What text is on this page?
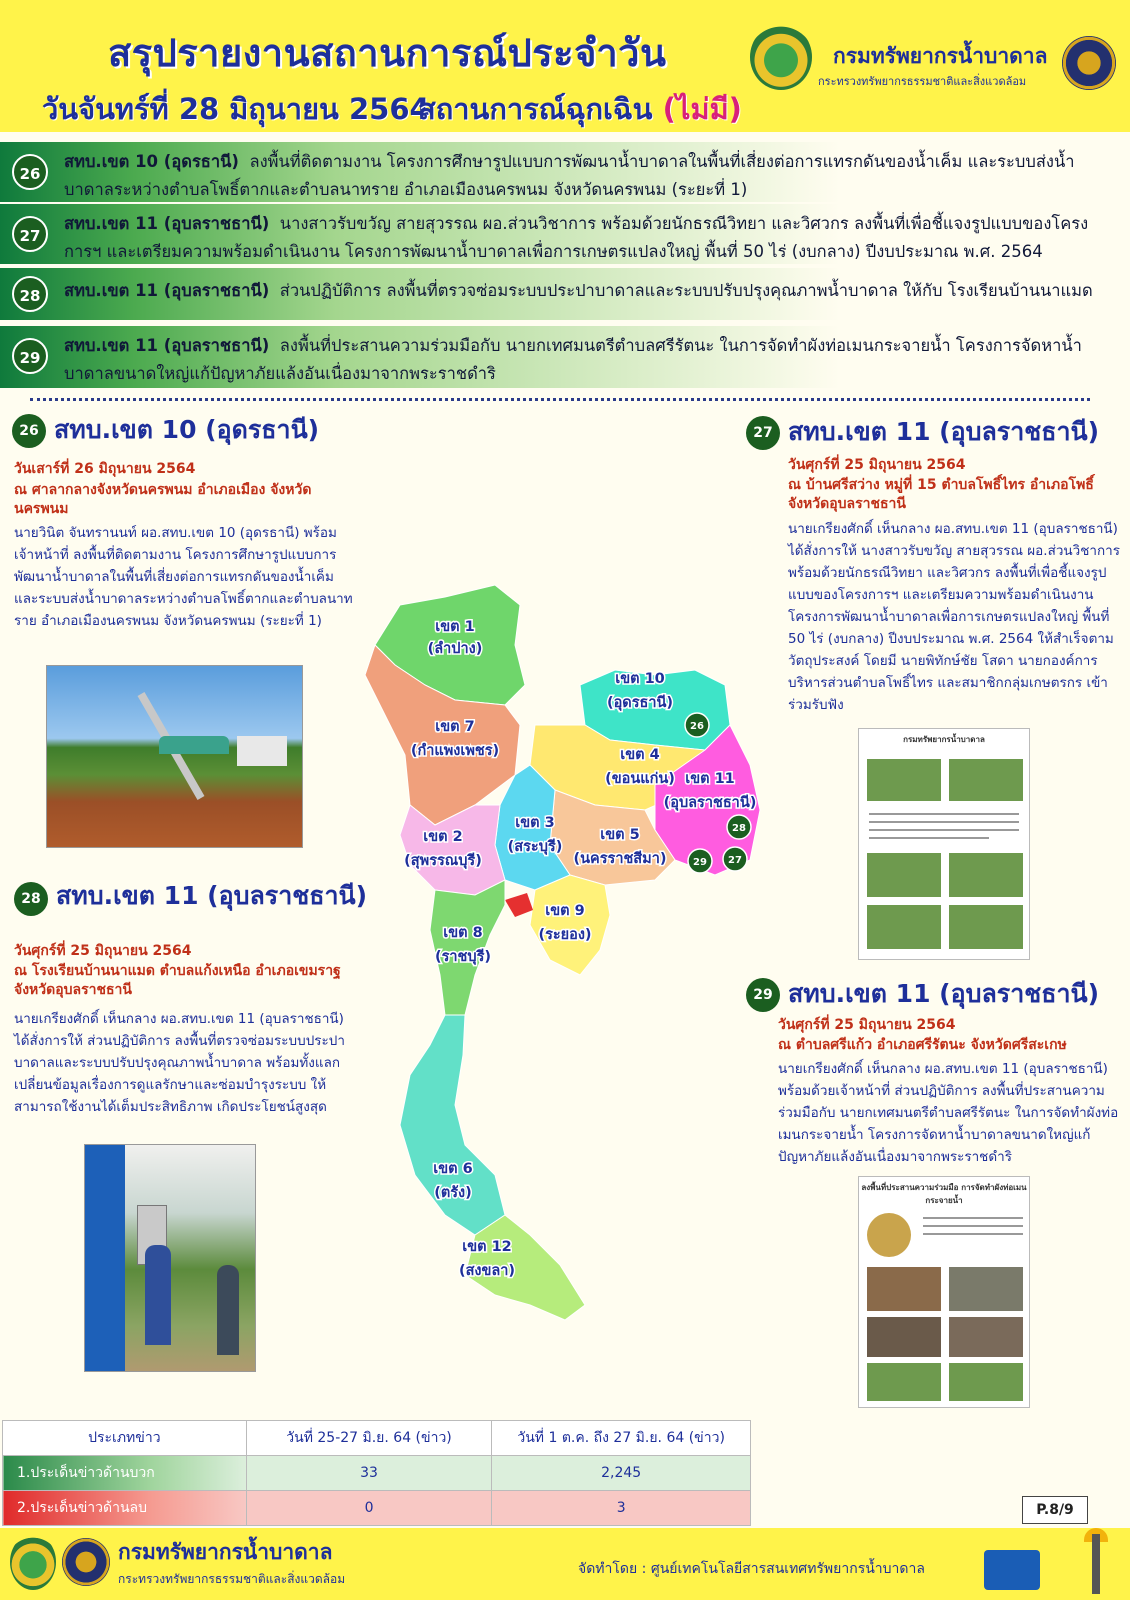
สรุปรายงานสถานการณ์ประจำวัน
วันจันทร์ที่ 28 มิถุนายน 2564
สถานการณ์ฉุกเฉิน (ไม่มี)
กรมทรัพยากรน้ำบาดาล
กระทรวงทรัพยากรธรรมชาติและสิ่งแวดล้อม
26
สทบ.เขต 10 (อุดรธานี) ลงพื้นที่ติดตามงาน โครงการศึกษารูปแบบการพัฒนาน้ำบาดาลในพื้นที่เสี่ยงต่อการแทรกดันของน้ำเค็ม และระบบส่งน้ำบาดาลระหว่างตำบลโพธิ์ตากและตำบลนาทราย อำเภอเมืองนครพนม จังหวัดนครพนม (ระยะที่ 1)
27
สทบ.เขต 11 (อุบลราชธานี) นางสาวรับขวัญ สายสุวรรณ ผอ.ส่วนวิชาการ พร้อมด้วยนักธรณีวิทยา และวิศวกร ลงพื้นที่เพื่อชี้แจงรูปแบบของโครงการฯ และเตรียมความพร้อมดำเนินงาน โครงการพัฒนาน้ำบาดาลเพื่อการเกษตรแปลงใหญ่ พื้นที่ 50 ไร่ (งบกลาง) ปีงบประมาณ พ.ศ. 2564
28	สทบ.เขต 11 (อุบลราชธานี) ส่วนปฏิบัติการ ลงพื้นที่ตรวจซ่อมระบบประปาบาดาลและระบบปรับปรุงคุณภาพน้ำบาดาล ให้กับ โรงเรียนบ้านนาแมด
29
สทบ.เขต 11 (อุบลราชธานี) ลงพื้นที่ประสานความร่วมมือกับ นายกเทศมนตรีตำบลศรีรัตนะ ในการจัดทำผังท่อเมนกระจายน้ำ โครงการจัดหาน้ำบาดาลขนาดใหญ่แก้ปัญหาภัยแล้งอันเนื่องมาจากพระราชดำริ
26 สทบ.เขต 10 (อุดรธานี)
วันเสาร์ที่ 26 มิถุนายน 2564
ณ ศาลากลางจังหวัดนครพนม อำเภอเมือง จังหวัดนครพนม
นายวินิต จันทรานนท์ ผอ.สทบ.เขต 10 (อุดรธานี) พร้อมเจ้าหน้าที่ ลงพื้นที่ติดตามงาน โครงการศึกษารูปแบบการพัฒนาน้ำบาดาลในพื้นที่เสี่ยงต่อการแทรกดันของน้ำเค็ม และระบบส่งน้ำบาดาลระหว่างตำบลโพธิ์ตากและตำบลนาทราย อำเภอเมืองนครพนม จังหวัดนครพนม (ระยะที่ 1)
28 สทบ.เขต 11 (อุบลราชธานี)
วันศุกร์ที่ 25 มิถุนายน 2564
ณ โรงเรียนบ้านนาแมด ตำบลแก้งเหนือ อำเภอเขมราฐ จังหวัดอุบลราชธานี
นายเกรียงศักดิ์ เห็นกลาง ผอ.สทบ.เขต 11 (อุบลราชธานี) ได้สั่งการให้ ส่วนปฏิบัติการ ลงพื้นที่ตรวจซ่อมระบบประปาบาดาลและระบบปรับปรุงคุณภาพน้ำบาดาล พร้อมทั้งแลกเปลี่ยนข้อมูลเรื่องการดูแลรักษาและซ่อมบำรุงระบบ ให้สามารถใช้งานได้เต็มประสิทธิภาพ เกิดประโยชน์สูงสุด
27 สทบ.เขต 11 (อุบลราชธานี)
วันศุกร์ที่ 25 มิถุนายน 2564
ณ บ้านศรีสว่าง หมู่ที่ 15 ตำบลโพธิ์ไทร อำเภอโพธิ์ จังหวัดอุบลราชธานี
นายเกรียงศักดิ์ เห็นกลาง ผอ.สทบ.เขต 11 (อุบลราชธานี) ได้สั่งการให้ นางสาวรับขวัญ สายสุวรรณ ผอ.ส่วนวิชาการ พร้อมด้วยนักธรณีวิทยา และวิศวกร ลงพื้นที่เพื่อชี้แจงรูปแบบของโครงการฯ และเตรียมความพร้อมดำเนินงาน โครงการพัฒนาน้ำบาดาลเพื่อการเกษตรแปลงใหญ่ พื้นที่ 50 ไร่ (งบกลาง) ปีงบประมาณ พ.ศ. 2564 ให้สำเร็จตามวัตถุประสงค์ โดยมี นายพิทักษ์ชัย โสดา นายกองค์การบริหารส่วนตำบลโพธิ์ไทร และสมาชิกกลุ่มเกษตรกร เข้าร่วมรับฟัง
กรมทรัพยากรน้ำบาดาล
29 สทบ.เขต 11 (อุบลราชธานี)
วันศุกร์ที่ 25 มิถุนายน 2564
ณ ตำบลศรีแก้ว อำเภอศรีรัตนะ จังหวัดศรีสะเกษ
นายเกรียงศักดิ์ เห็นกลาง ผอ.สทบ.เขต 11 (อุบลราชธานี) พร้อมด้วยเจ้าหน้าที่ ส่วนปฏิบัติการ ลงพื้นที่ประสานความร่วมมือกับ นายกเทศมนตรีตำบลศรีรัตนะ ในการจัดทำผังท่อเมนกระจายน้ำ โครงการจัดหาน้ำบาดาลขนาดใหญ่แก้ปัญหาภัยแล้งอันเนื่องมาจากพระราชดำริ
ลงพื้นที่ประสานความร่วมมือ การจัดทำผังท่อเมนกระจายน้ำ
เขต 1
(ลำปาง)
เขต 7
(กำแพงเพชร)
เขต 10
(อุดรธานี)
เขต 4
(ขอนแก่น) เขต 11
(อุบลราชธานี)
เขต 2
(สุพรรณบุรี)
เขต 3
(สระบุรี)
เขต 5
(นครราชสีมา)
เขต 9
(ระยอง)
เขต 8
(ราชบุรี)
เขต 6
(ตรัง)
เขต 12
(สงขลา)
26
28
29 27
ประเภทข่าว	วันที่ 25-27 มิ.ย. 64 (ข่าว)	วันที่ 1 ต.ค. ถึง 27 มิ.ย. 64 (ข่าว)
1.ประเด็นข่าวด้านบวก	33	2,245
2.ประเด็นข่าวด้านลบ	0	3	P.8/9
กรมทรัพยากรน้ำบาดาล
กระทรวงทรัพยากรธรรมชาติและสิ่งแวดล้อม
จัดทำโดย : ศูนย์เทคโนโลยีสารสนเทศทรัพยากรน้ำบาดาล
